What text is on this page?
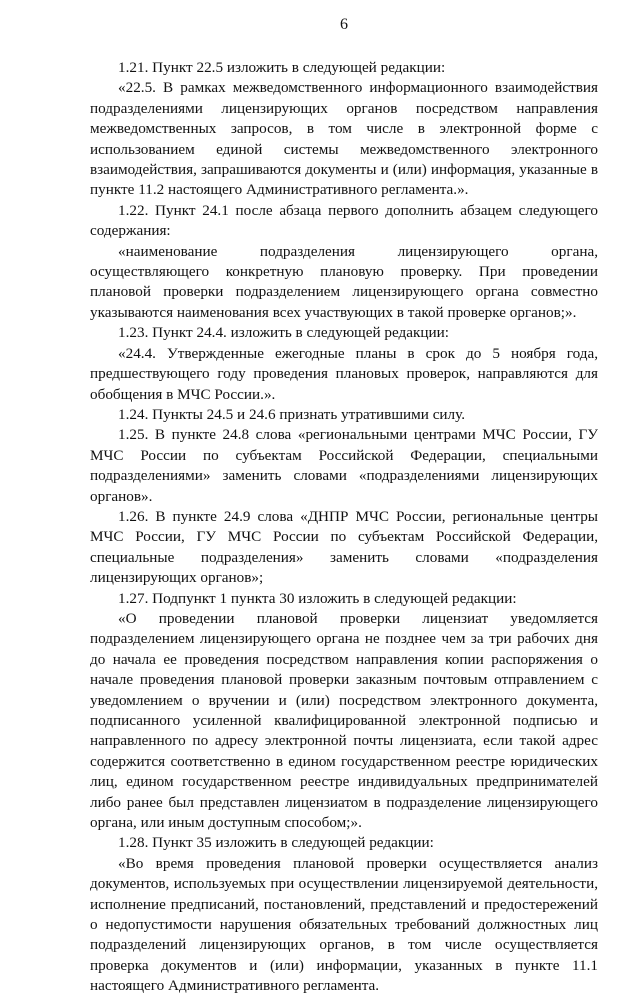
6

1.21. Пункт 22.5 изложить в следующей редакции:

«22.5. В рамках межведомственного информационного взаимодействия подразделениями лицензирующих органов посредством направления межведомственных запросов, в том числе в электронной форме с использованием единой системы межведомственного электронного взаимодействия, запрашиваются документы и (или) информация, указанные в пункте 11.2 настоящего Административного регламента.».

1.22. Пункт 24.1 после абзаца первого дополнить абзацем следующего содержания:

«наименование подразделения лицензирующего органа, осуществляющего конкретную плановую проверку. При проведении плановой проверки подразделением лицензирующего органа совместно указываются наименования всех участвующих в такой проверке органов;».

1.23. Пункт 24.4. изложить в следующей редакции:

«24.4. Утвержденные ежегодные планы в срок до 5 ноября года, предшествующего году проведения плановых проверок, направляются для обобщения в МЧС России.».

1.24. Пункты 24.5 и 24.6 признать утратившими силу.

1.25. В пункте 24.8 слова «региональными центрами МЧС России, ГУ МЧС России по субъектам Российской Федерации, специальными подразделениями» заменить словами «подразделениями лицензирующих органов».

1.26. В пункте 24.9 слова «ДНПР МЧС России, региональные центры МЧС России, ГУ МЧС России по субъектам Российской Федерации, специальные подразделения» заменить словами «подразделения лицензирующих органов»;

1.27. Подпункт 1 пункта 30 изложить в следующей редакции:

«О проведении плановой проверки лицензиат уведомляется подразделением лицензирующего органа не позднее чем за три рабочих дня до начала ее проведения посредством направления копии распоряжения о начале проведения плановой проверки заказным почтовым отправлением с уведомлением о вручении и (или) посредством электронного документа, подписанного усиленной квалифицированной электронной подписью и направленного по адресу электронной почты лицензиата, если такой адрес содержится соответственно в едином государственном реестре юридических лиц, едином государственном реестре индивидуальных предпринимателей либо ранее был представлен лицензиатом в подразделение лицензирующего органа, или иным доступным способом;».

1.28. Пункт 35 изложить в следующей редакции:

«Во время проведения плановой проверки осуществляется анализ документов, используемых при осуществлении лицензируемой деятельности, исполнение предписаний, постановлений, представлений и предостережений о недопустимости нарушения обязательных требований должностных лиц подразделений лицензирующих органов, в том числе осуществляется проверка документов и (или) информации, указанных в пункте 11.1 настоящего Административного регламента.
